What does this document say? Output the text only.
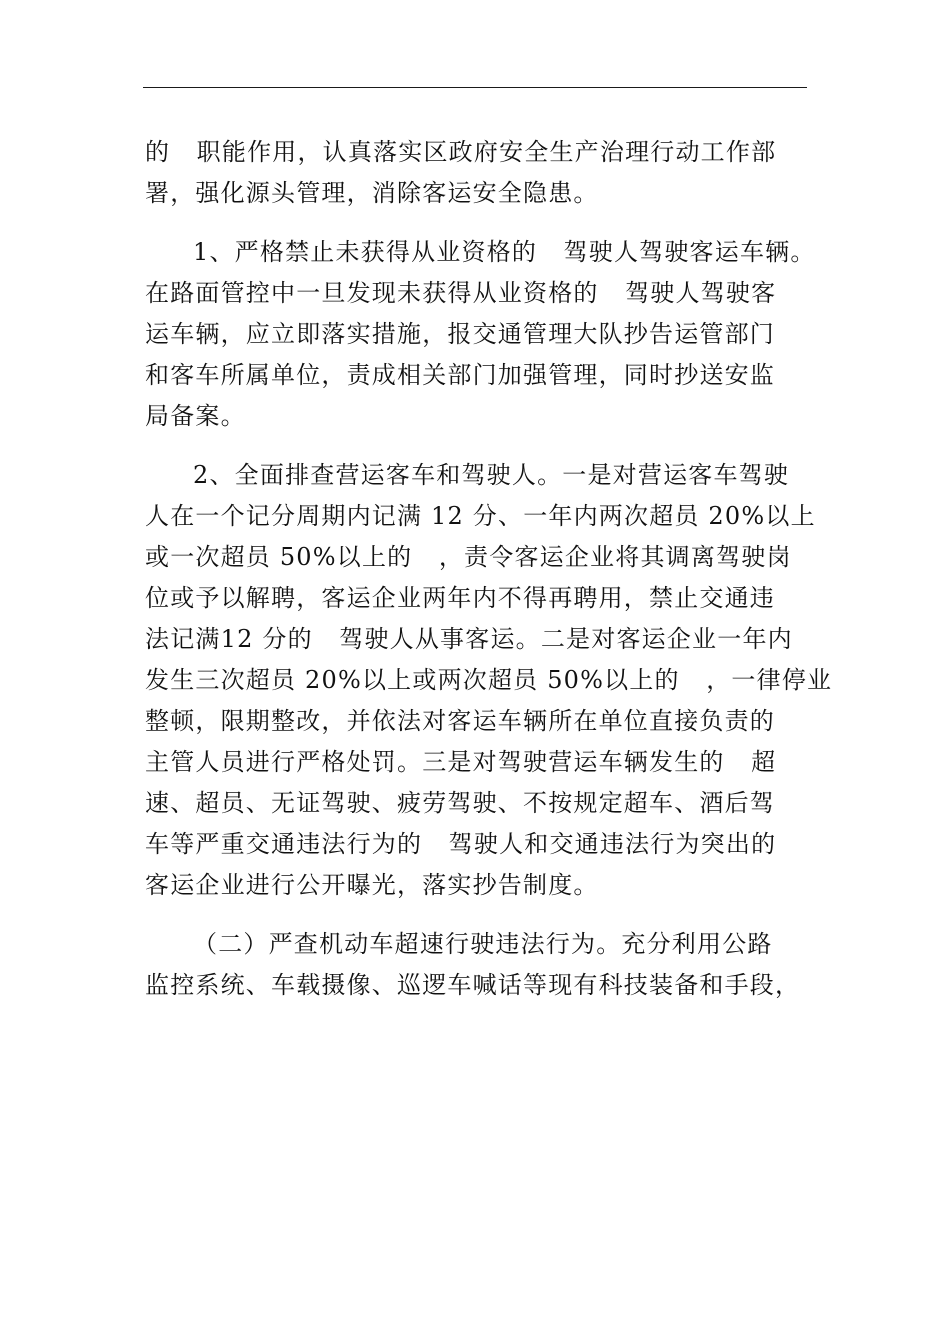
的   职能作用，认真落实区政府安全生产治理行动工作部
署，强化源头管理，消除客运安全隐患。
1、严格禁止未获得从业资格的   驾驶人驾驶客运车辆。
在路面管控中一旦发现未获得从业资格的   驾驶人驾驶客
运车辆，应立即落实措施，报交通管理大队抄告运管部门
和客车所属单位，责成相关部门加强管理，同时抄送安监
局备案。
2、全面排查营运客车和驾驶人。一是对营运客车驾驶
人在一个记分周期内记满 12 分、一年内两次超员 20%以上
或一次超员 50%以上的   ，责令客运企业将其调离驾驶岗
位或予以解聘，客运企业两年内不得再聘用，禁止交通违
法记满12 分的   驾驶人从事客运。二是对客运企业一年内
发生三次超员 20%以上或两次超员 50%以上的   ，一律停业
整顿，限期整改，并依法对客运车辆所在单位直接负责的
主管人员进行严格处罚。三是对驾驶营运车辆发生的   超
速、超员、无证驾驶、疲劳驾驶、不按规定超车、酒后驾
车等严重交通违法行为的   驾驶人和交通违法行为突出的
客运企业进行公开曝光，落实抄告制度。
（二）严查机动车超速行驶违法行为。充分利用公路
监控系统、车载摄像、巡逻车喊话等现有科技装备和手段，
